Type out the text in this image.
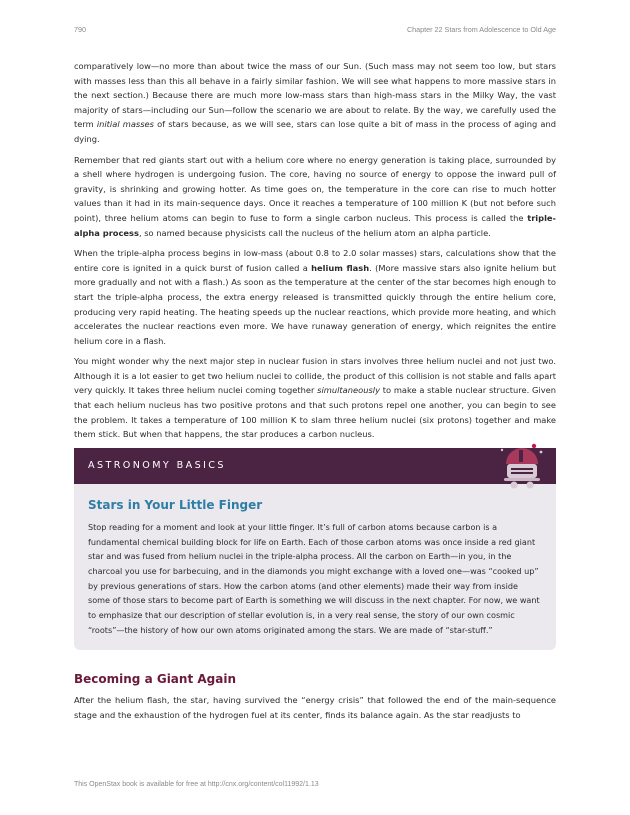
790	Chapter 22 Stars from Adolescence to Old Age

comparatively low—no more than about twice the mass of our Sun. (Such mass may not seem too low, but stars with masses less than this all behave in a fairly similar fashion. We will see what happens to more massive stars in the next section.) Because there are much more low-mass stars than high-mass stars in the Milky Way, the vast majority of stars—including our Sun—follow the scenario we are about to relate. By the way, we carefully used the term initial masses of stars because, as we will see, stars can lose quite a bit of mass in the process of aging and dying.

Remember that red giants start out with a helium core where no energy generation is taking place, surrounded by a shell where hydrogen is undergoing fusion. The core, having no source of energy to oppose the inward pull of gravity, is shrinking and growing hotter. As time goes on, the temperature in the core can rise to much hotter values than it had in its main-sequence days. Once it reaches a temperature of 100 million K (but not before such point), three helium atoms can begin to fuse to form a single carbon nucleus. This process is called the triple-alpha process, so named because physicists call the nucleus of the helium atom an alpha particle.

When the triple-alpha process begins in low-mass (about 0.8 to 2.0 solar masses) stars, calculations show that the entire core is ignited in a quick burst of fusion called a helium flash. (More massive stars also ignite helium but more gradually and not with a flash.) As soon as the temperature at the center of the star becomes high enough to start the triple-alpha process, the extra energy released is transmitted quickly through the entire helium core, producing very rapid heating. The heating speeds up the nuclear reactions, which provide more heating, and which accelerates the nuclear reactions even more. We have runaway generation of energy, which reignites the entire helium core in a flash.

You might wonder why the next major step in nuclear fusion in stars involves three helium nuclei and not just two. Although it is a lot easier to get two helium nuclei to collide, the product of this collision is not stable and falls apart very quickly. It takes three helium nuclei coming together simultaneously to make a stable nuclear structure. Given that each helium nucleus has two positive protons and that such protons repel one another, you can begin to see the problem. It takes a temperature of 100 million K to slam three helium nuclei (six protons) together and make them stick. But when that happens, the star produces a carbon nucleus.

ASTRONOMY BASICS
Stars in Your Little Finger

Stop reading for a moment and look at your little finger. It’s full of carbon atoms because carbon is a fundamental chemical building block for life on Earth. Each of those carbon atoms was once inside a red giant star and was fused from helium nuclei in the triple-alpha process. All the carbon on Earth—in you, in the charcoal you use for barbecuing, and in the diamonds you might exchange with a loved one—was “cooked up” by previous generations of stars. How the carbon atoms (and other elements) made their way from inside some of those stars to become part of Earth is something we will discuss in the next chapter. For now, we want to emphasize that our description of stellar evolution is, in a very real sense, the story of our own cosmic “roots”—the history of how our own atoms originated among the stars. We are made of “star-stuff.”

Becoming a Giant Again

After the helium flash, the star, having survived the “energy crisis” that followed the end of the main-sequence stage and the exhaustion of the hydrogen fuel at its center, finds its balance again. As the star readjusts to

This OpenStax book is available for free at http://cnx.org/content/col11992/1.13
